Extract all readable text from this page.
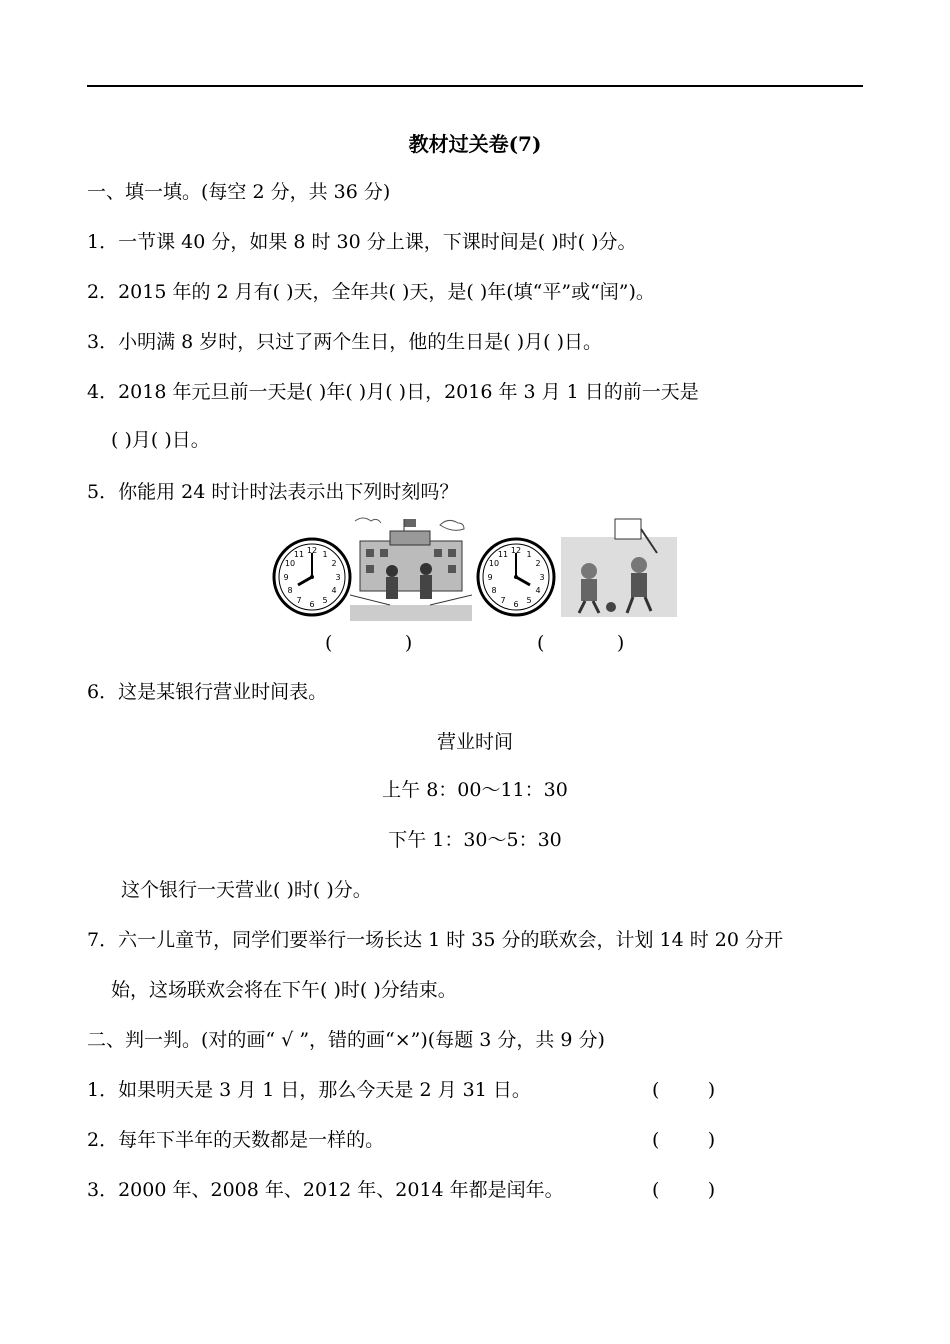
教材过关卷(7)
一、填一填。(每空 2 分，共 36 分)
1．一节课 40 分，如果 8 时 30 分上课，下课时间是( )时( )分。
2．2015 年的 2 月有( )天，全年共( )天，是( )年(填“平”或“闰”)。
3．小明满 8 岁时，只过了两个生日，他的生日是( )月( )日。
4．2018 年元旦前一天是( )年( )月( )日，2016 年 3 月 1 日的前一天是
( )月( )日。
5．你能用 24 时计时法表示出下列时刻吗？
12 1
2
3
4
5
6
7
8
9
10
11	12 1
2
3
4
5
6
7
8
9
10
11
(            )	(            )
6．这是某银行营业时间表。
营业时间
上午 8：00～11：30
下午 1：30～5：30
这个银行一天营业( )时( )分。
7．六一儿童节，同学们要举行一场长达 1 时 35 分的联欢会，计划 14 时 20 分开
始，这场联欢会将在下午( )时( )分结束。
二、判一判。(对的画“ √ ”，错的画“×”)(每题 3 分，共 9 分)
1．如果明天是 3 月 1 日，那么今天是 2 月 31 日。	(        )
2．每年下半年的天数都是一样的。	(        )
3．2000 年、2008 年、2012 年、2014 年都是闰年。	(        )
